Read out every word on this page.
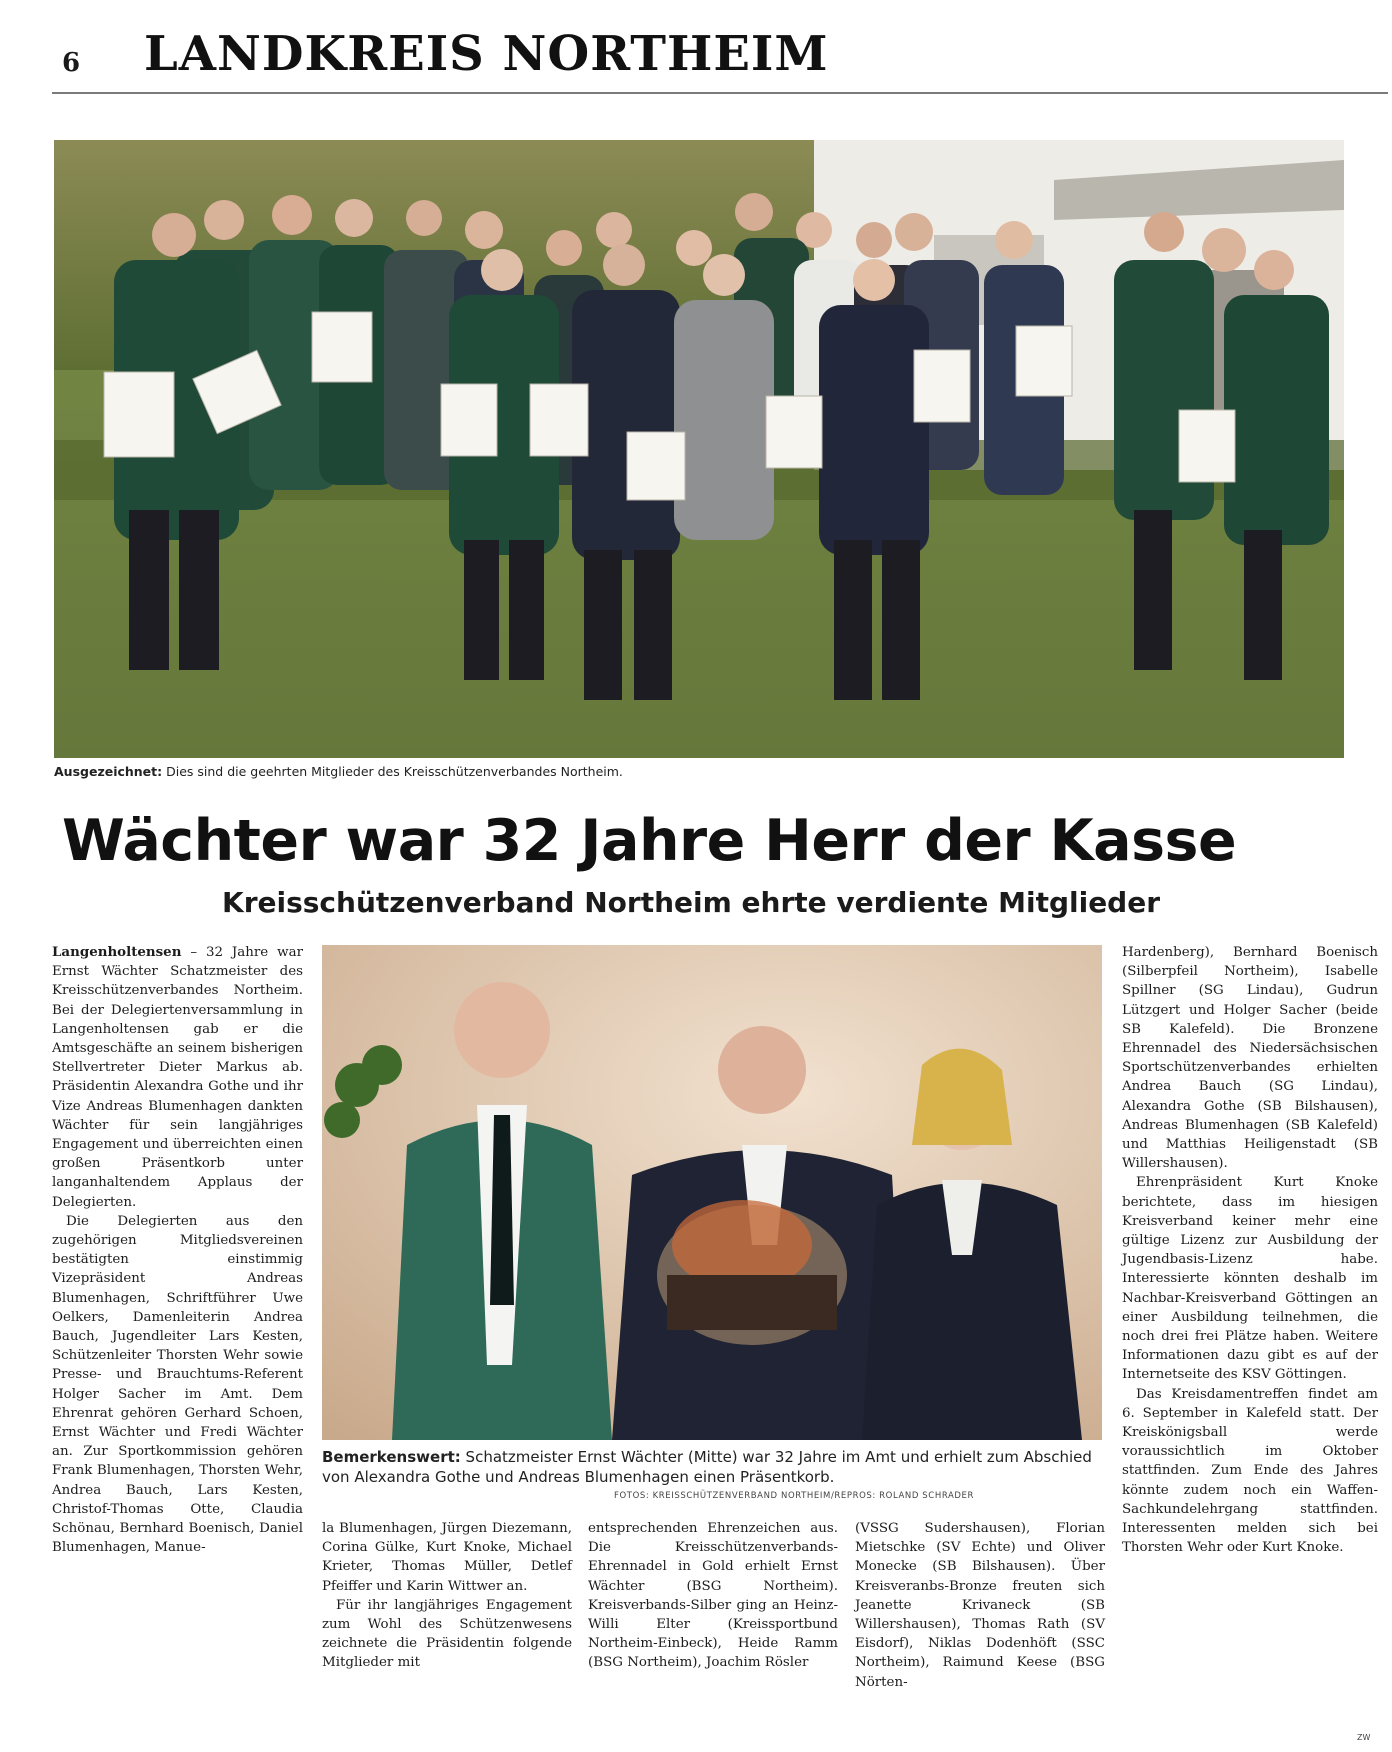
6 LANDKREIS NORTHEIM
Ausgezeichnet: Dies sind die geehrten Mitglieder des Kreisschützenverbandes Northeim.
Wächter war 32 Jahre Herr der Kasse
Kreisschützenverband Northeim ehrte verdiente Mitglieder

Langenholtensen – 32 Jahre war Ernst Wächter Schatzmeister des Kreisschützenverbandes Northeim. Bei der Delegiertenversammlung in Langenholtensen gab er die Amtsgeschäfte an seinem bisherigen Stellvertreter Dieter Markus ab. Präsidentin Alexandra Gothe und ihr Vize Andreas Blumenhagen dankten Wächter für sein langjähriges Engagement und überreichten einen großen Präsentkorb unter langanhaltendem Applaus der Delegierten.

Die Delegierten aus den zugehörigen Mitgliedsvereinen bestätigten einstimmig Vizepräsident Andreas Blumenhagen, Schriftführer Uwe Oelkers, Damenleiterin Andrea Bauch, Jugendleiter Lars Kesten, Schützenleiter Thorsten Wehr sowie Presse- und Brauchtums-Referent Holger Sacher im Amt. Dem Ehrenrat gehören Gerhard Schoen, Ernst Wächter und Fredi Wächter an. Zur Sportkommission gehören Frank Blumenhagen, Thorsten Wehr, Andrea Bauch, Lars Kesten, Christof-Thomas Otte, Claudia Schönau, Bernhard Boenisch, Daniel Blumenhagen, Manue-

Bemerkenswert: Schatzmeister Ernst Wächter (Mitte) war 32 Jahre im Amt und erhielt zum Abschied von Alexandra Gothe und Andreas Blumenhagen einen Präsentkorb.
FOTOS: KREISSCHÜTZENVERBAND NORTHEIM/REPROS: ROLAND SCHRADER

la Blumenhagen, Jürgen Diezemann, Corina Gülke, Kurt Knoke, Michael Krieter, Thomas Müller, Detlef Pfeiffer und Karin Wittwer an.

Für ihr langjähriges Engagement zum Wohl des Schützenwesens zeichnete die Präsidentin folgende Mitglieder mit

entsprechenden Ehrenzeichen aus. Die Kreisschützenverbands-Ehrennadel in Gold erhielt Ernst Wächter (BSG Northeim). Kreisverbands-Silber ging an Heinz-Willi Elter (Kreissportbund Northeim-Einbeck), Heide Ramm (BSG Northeim), Joachim Rösler

(VSSG Sudershausen), Florian Mietschke (SV Echte) und Oliver Monecke (SB Bilshausen). Über Kreisveranbs-Bronze freuten sich Jeanette Krivaneck (SB Willershausen), Thomas Rath (SV Eisdorf), Niklas Dodenhöft (SSC Northeim), Raimund Keese (BSG Nörten-

Hardenberg), Bernhard Boenisch (Silberpfeil Northeim), Isabelle Spillner (SG Lindau), Gudrun Lützgert und Holger Sacher (beide SB Kalefeld). Die Bronzene Ehrennadel des Niedersächsischen Sportschützenverbandes erhielten Andrea Bauch (SG Lindau), Alexandra Gothe (SB Bilshausen), Andreas Blumenhagen (SB Kalefeld) und Matthias Heiligenstadt (SB Willershausen).

Ehrenpräsident Kurt Knoke berichtete, dass im hiesigen Kreisverband keiner mehr eine gültige Lizenz zur Ausbildung der Jugendbasis-Lizenz habe. Interessierte könnten deshalb im Nachbar-Kreisverband Göttingen an einer Ausbildung teilnehmen, die noch drei frei Plätze haben. Weitere Informationen dazu gibt es auf der Internetseite des KSV Göttingen.

Das Kreisdamentreffen findet am 6. September in Kalefeld statt. Der Kreiskönigsball werde voraussichtlich im Oktober stattfinden. Zum Ende des Jahres könnte zudem noch ein Waffen-Sachkundelehrgang stattfinden. Interessenten melden sich bei Thorsten Wehr oder Kurt Knoke.

ZW
